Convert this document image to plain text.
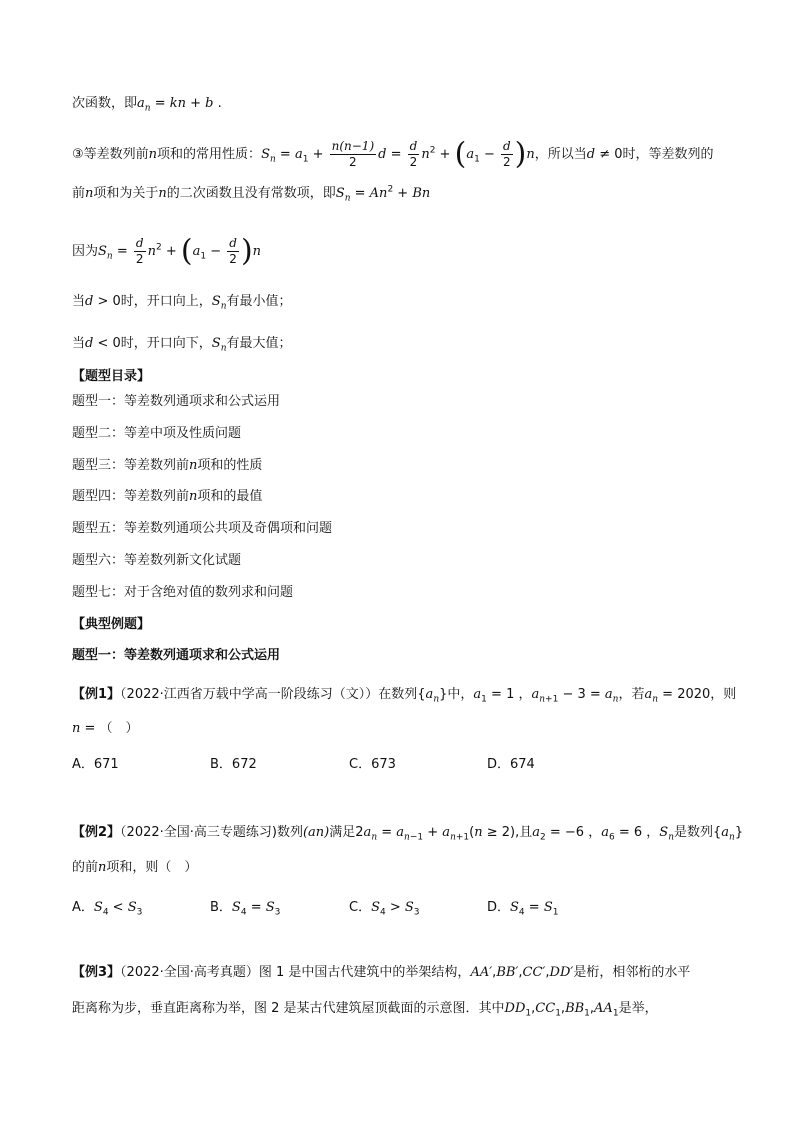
次函数，即$a_n$ = kn + b .
③等差数列前n项和的常用性质：$S_n = a_1 + \frac{n(n-1)}{2}$ $d = \frac{d}{2} n^2 + (a_1 - \frac{d}{2} )n$，所以当d ≠ 0时，等差数列的
前n项和为关于n的二次函数且没有常数项，即$S_n = An^2 + Bn$
因为$S_n = \frac{d}{2} n^2 + (a_1 - \frac{d}{2} )n$
当d > 0时，开口向上，$S_n$有最小值；
当d < 0时，开口向下，$S_n$有最大值；
【题型目录】
题型一：等差数列通项求和公式运用
题型二：等差中项及性质问题
题型三：等差数列前n项和的性质
题型四：等差数列前n项和的最值
题型五：等差数列通项公共项及奇偶项和问题
题型六：等差数列新文化试题
题型七：对于含绝对值的数列求和问题
【典型例题】
题型一：等差数列通项求和公式运用
【例1】（2022·江西省万载中学高一阶段练习（文））在数列$\{a_n\}$中，$a_1 = 1$ ，$a_{n+1} - 3 = a_n$，若$a_n = 2020$，则
n = （　）
A．671	B．672	C．673	D．674
【例2】（2022·全国·高三专题练习)数列(an)满足$2a_n = a_{n-1} + a_{n+1}(n \ge 2)$,且$a_2 = -6$ ，$a_6 = 6$ ，$S_n$是数列$\{a_n\}$
的前n项和，则（　）
A．$S_4 < S_3$	B．$S_4 = S_3$	C．$S_4 > S_3$	D．$S_4 = S_1$
【例3】（2022·全国·高考真题）图 1 是中国古代建筑中的举架结构，AA′,BB′,CC′,DD′是桁，相邻桁的水平
距离称为步，垂直距离称为举，图 2 是某古代建筑屋顶截面的示意图．其中$DD_1,CC_1,BB_1,AA_1$是举，
